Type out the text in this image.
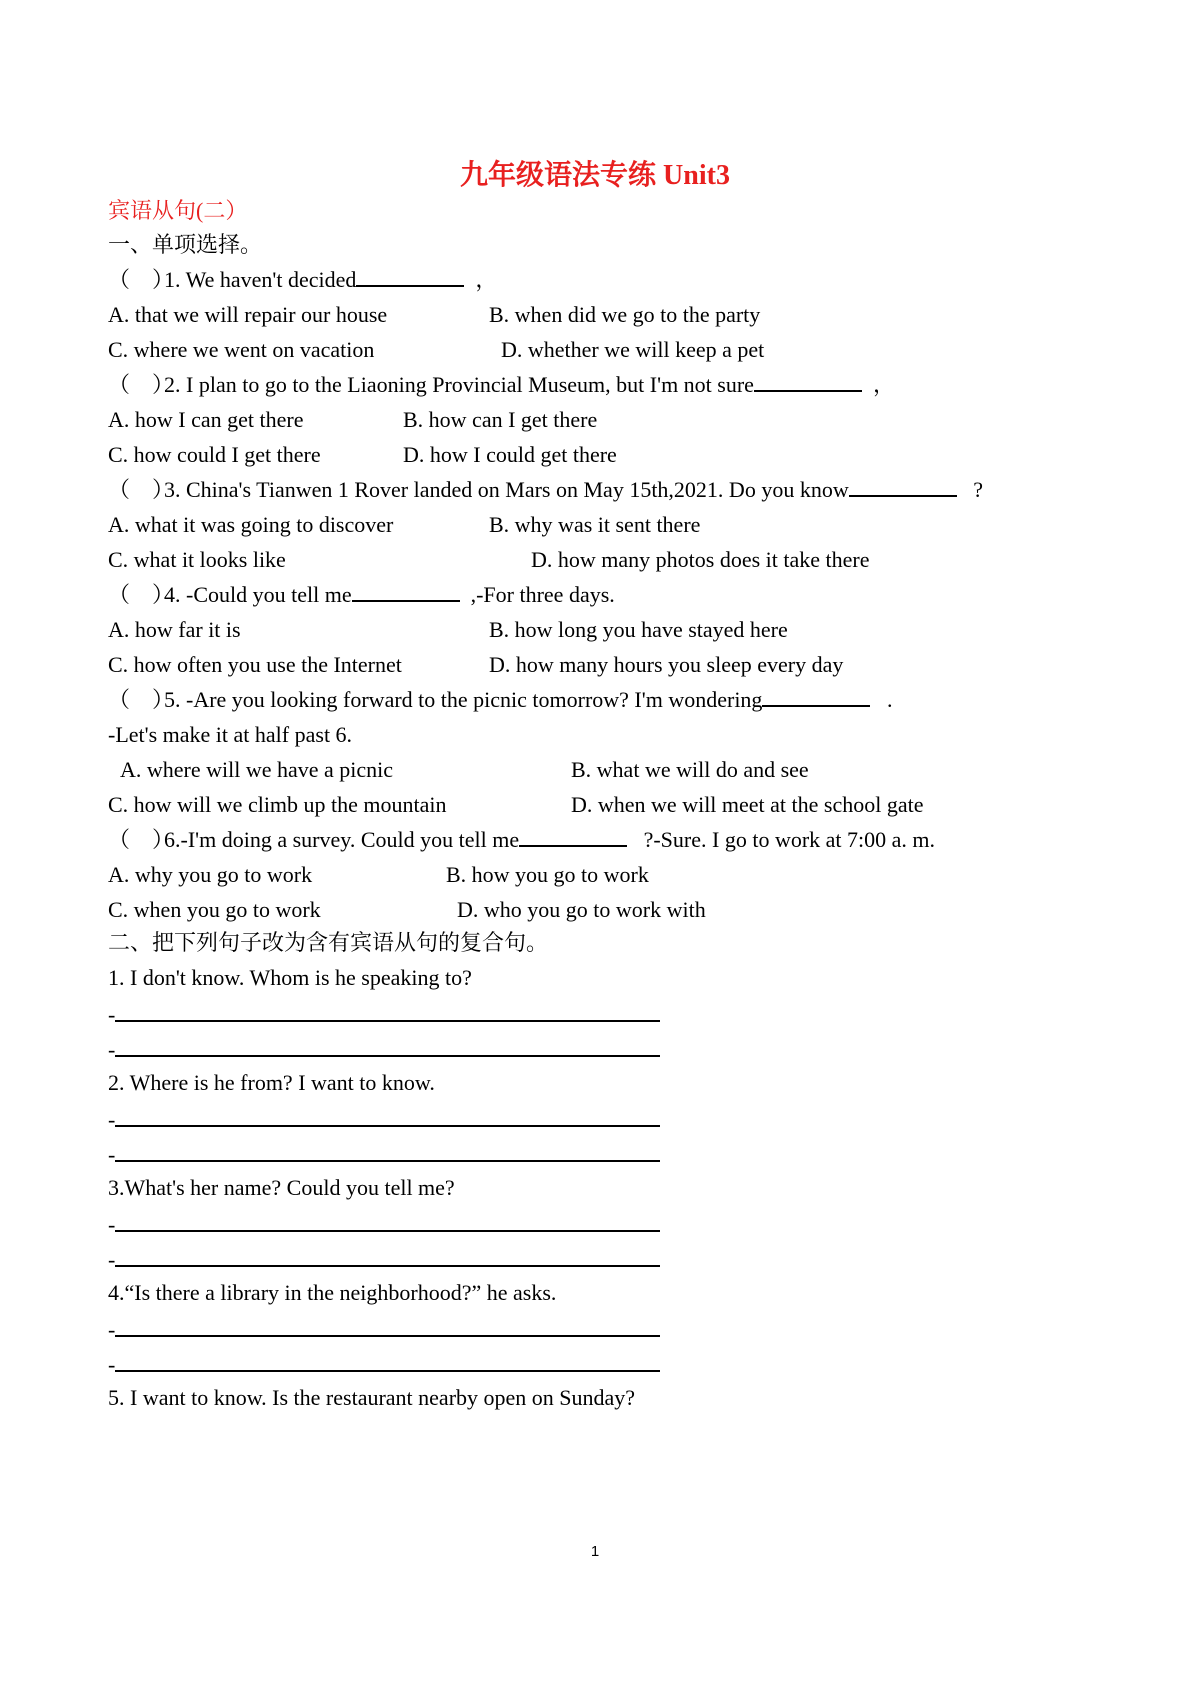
九年级语法专练 Unit3
宾语从句(二）
一、单项选择。
（　）1. We haven't decided	，
A. that we will repair our house	B. when did we go to the party
C. where we went on vacation	D. whether we will keep a pet
（　）2. I plan to go to the Liaoning Provincial Museum, but I'm not sure	，
A. how I can get there	B. how can I get there
C. how could I get there	D. how I could get there
（　）3. China's Tianwen 1 Rover landed on Mars on May 15th,2021. Do you know	?
A. what it was going to discover	B. why was it sent there
C. what it looks like	D. how many photos does it take there
（　）4. -Could you tell me	,-For three days.
A. how far it is	B. how long you have stayed here
C. how often you use the Internet	D. how many hours you sleep every day
（　）5. -Are you looking forward to the picnic tomorrow? I'm wondering	.
-Let's make it at half past 6.
A. where will we have a picnic	B. what we will do and see
C. how will we climb up the mountain	D. when we will meet at the school gate
（　）6.-I'm doing a survey. Could you tell me	?-Sure. I go to work at 7:00 a. m.
A. why you go to work	B. how you go to work
C. when you go to work	D. who you go to work with
二、把下列句子改为含有宾语从句的复合句。
1. I don't know. Whom is he speaking to?
-
-
2. Where is he from? I want to know.
-
-
3.What's her name? Could you tell me?
-
-
4.“Is there a library in the neighborhood?” he asks.
-
-
5. I want to know. Is the restaurant nearby open on Sunday?
1
